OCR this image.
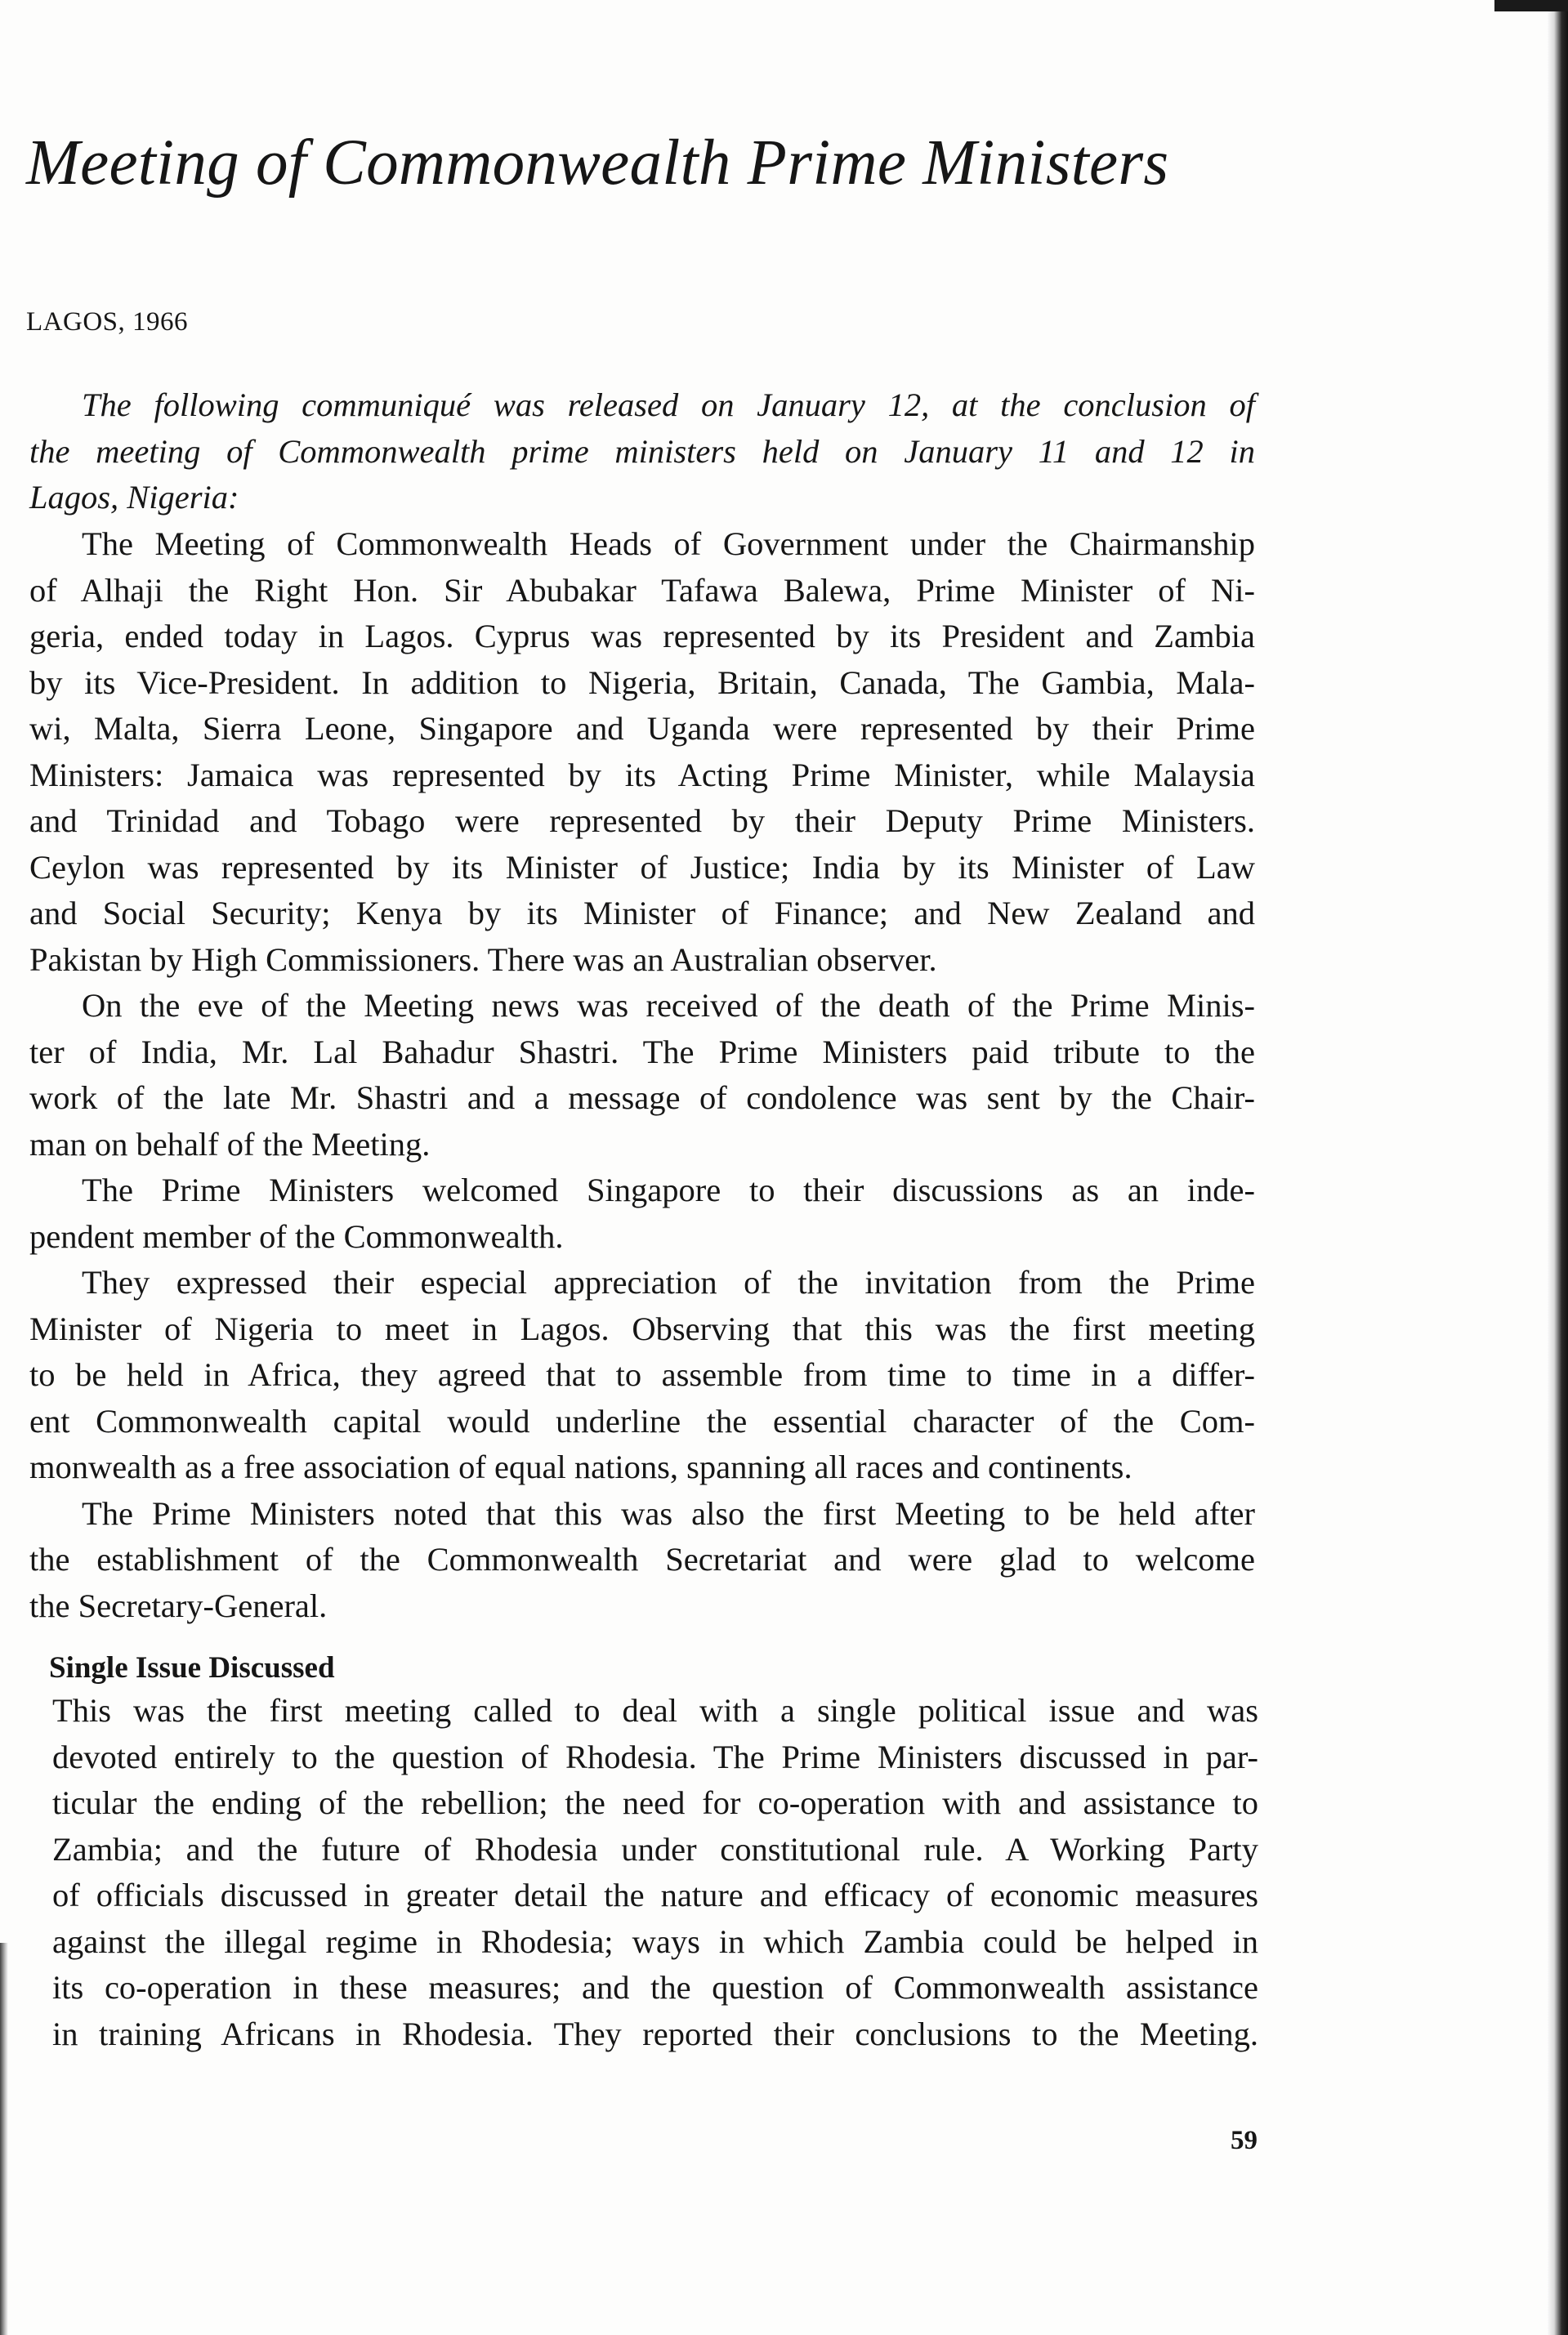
Meeting of Commonwealth Prime Ministers
LAGOS, 1966
The following communiqué was released on January 12, at the conclusion of
the meeting of Commonwealth prime ministers held on January 11 and 12 in
Lagos, Nigeria:
The Meeting of Commonwealth Heads of Government under the Chairmanship
of Alhaji the Right Hon. Sir Abubakar Tafawa Balewa, Prime Minister of Ni-
geria, ended today in Lagos. Cyprus was represented by its President and Zambia
by its Vice-President. In addition to Nigeria, Britain, Canada, The Gambia, Mala-
wi, Malta, Sierra Leone, Singapore and Uganda were represented by their Prime
Ministers: Jamaica was represented by its Acting Prime Minister, while Malaysia
and Trinidad and Tobago were represented by their Deputy Prime Ministers.
Ceylon was represented by its Minister of Justice; India by its Minister of Law
and Social Security; Kenya by its Minister of Finance; and New Zealand and
Pakistan by High Commissioners. There was an Australian observer.
On the eve of the Meeting news was received of the death of the Prime Minis-
ter of India, Mr. Lal Bahadur Shastri. The Prime Ministers paid tribute to the
work of the late Mr. Shastri and a message of condolence was sent by the Chair-
man on behalf of the Meeting.
The Prime Ministers welcomed Singapore to their discussions as an inde-
pendent member of the Commonwealth.
They expressed their especial appreciation of the invitation from the Prime
Minister of Nigeria to meet in Lagos. Observing that this was the first meeting
to be held in Africa, they agreed that to assemble from time to time in a differ-
ent Commonwealth capital would underline the essential character of the Com-
monwealth as a free association of equal nations, spanning all races and continents.
The Prime Ministers noted that this was also the first Meeting to be held after
the establishment of the Commonwealth Secretariat and were glad to welcome
the Secretary-General.
Single Issue Discussed
This was the first meeting called to deal with a single political issue and was
devoted entirely to the question of Rhodesia. The Prime Ministers discussed in par-
ticular the ending of the rebellion; the need for co-operation with and assistance to
Zambia; and the future of Rhodesia under constitutional rule. A Working Party
of officials discussed in greater detail the nature and efficacy of economic measures
against the illegal regime in Rhodesia; ways in which Zambia could be helped in
its co-operation in these measures; and the question of Commonwealth assistance
in training Africans in Rhodesia. They reported their conclusions to the Meeting.
59
